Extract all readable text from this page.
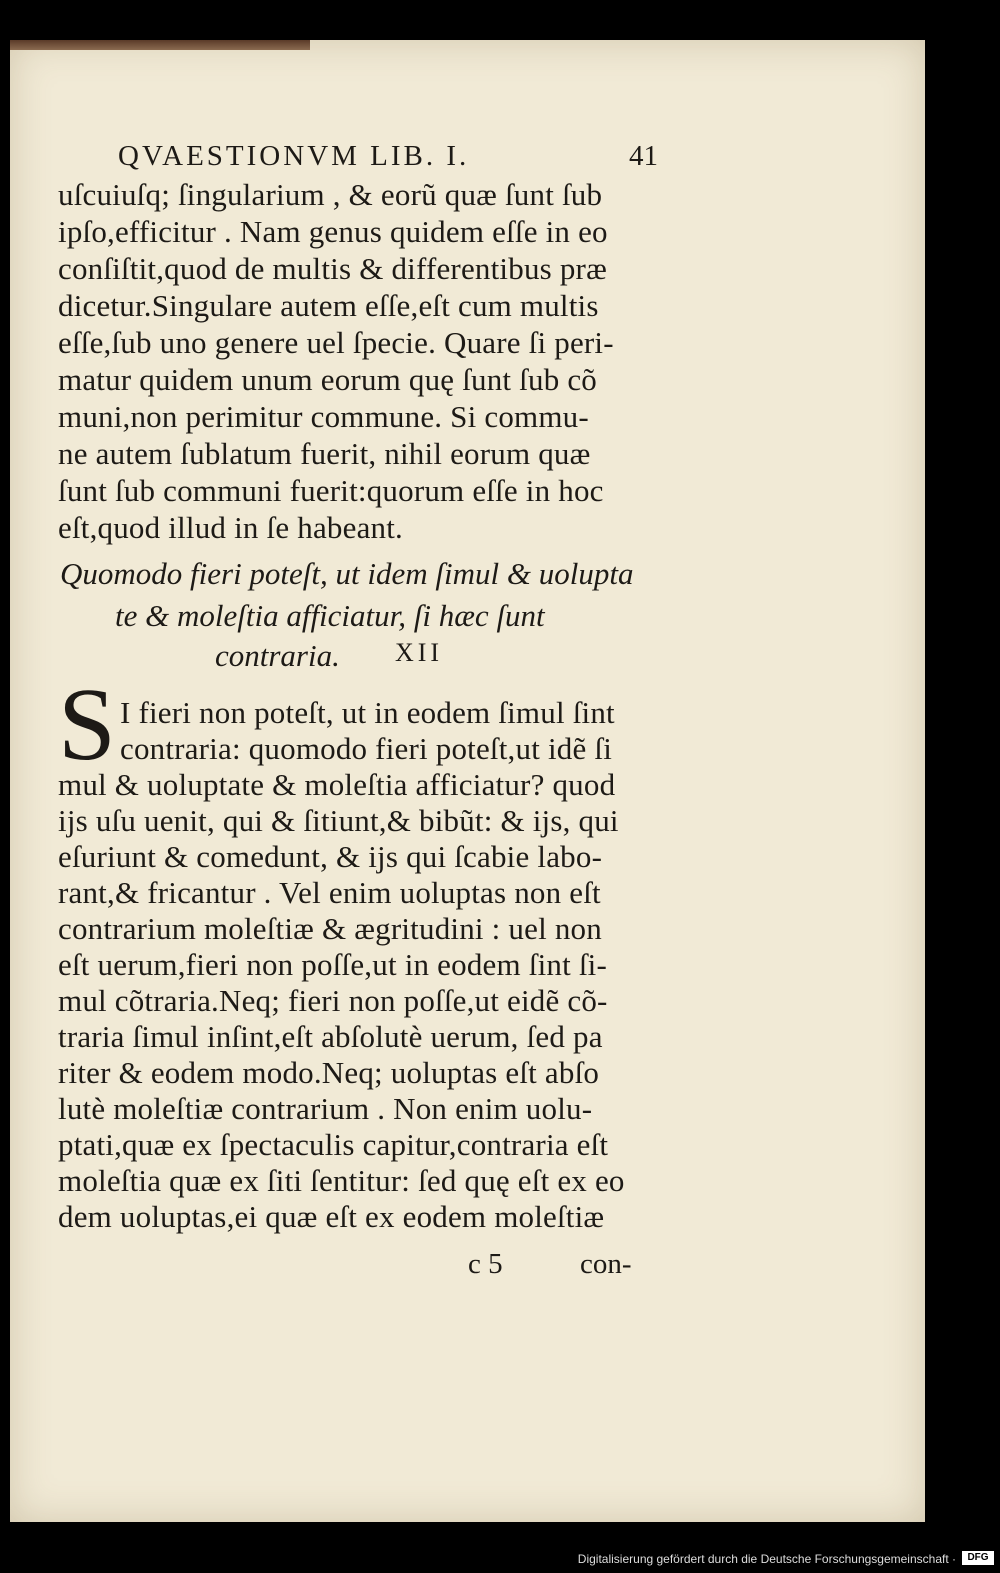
QVAESTIONVM LIB. I.	41
uſcuiuſq; ſingularium , & eorũ quæ ſunt ſub
ipſo,efficitur . Nam genus quidem eſſe in eo
conſiſtit,quod de multis & differentibus præ
dicetur.Singulare autem eſſe,eſt cum multis
eſſe,ſub uno genere uel ſpecie. Quare ſi peri-
matur quidem unum eorum quę ſunt ſub cõ
muni,non perimitur commune. Si commu-
ne autem ſublatum fuerit, nihil eorum quæ
ſunt ſub communi fuerit:quorum eſſe in hoc
eſt,quod illud in ſe habeant.
Quomodo fieri poteſt, ut idem ſimul & uolupta
te & moleſtia afficiatur, ſi hæc ſunt
contraria. XII
S I fieri non poteſt, ut in eodem ſimul ſint
contraria: quomodo fieri poteſt,ut idẽ ſi
mul & uoluptate & moleſtia afficiatur? quod
ijs uſu uenit, qui & ſitiunt,& bibũt: & ijs, qui
eſuriunt & comedunt, & ijs qui ſcabie labo-
rant,& fricantur . Vel enim uoluptas non eſt
contrarium moleſtiæ & ægritudini : uel non
eſt uerum,fieri non poſſe,ut in eodem ſint ſi-
mul cõtraria.Neq; fieri non poſſe,ut eidẽ cõ-
traria ſimul inſint,eſt abſolutè uerum, ſed pa
riter & eodem modo.Neq; uoluptas eſt abſo
lutè moleſtiæ contrarium . Non enim uolu-
ptati,quæ ex ſpectaculis capitur,contraria eſt
moleſtia quæ ex ſiti ſentitur: ſed quę eſt ex eo
dem uoluptas,ei quæ eſt ex eodem moleſtiæ
c 5	con-
Digitalisierung gefördert durch die Deutsche Forschungsgemeinschaft ·	DFG
